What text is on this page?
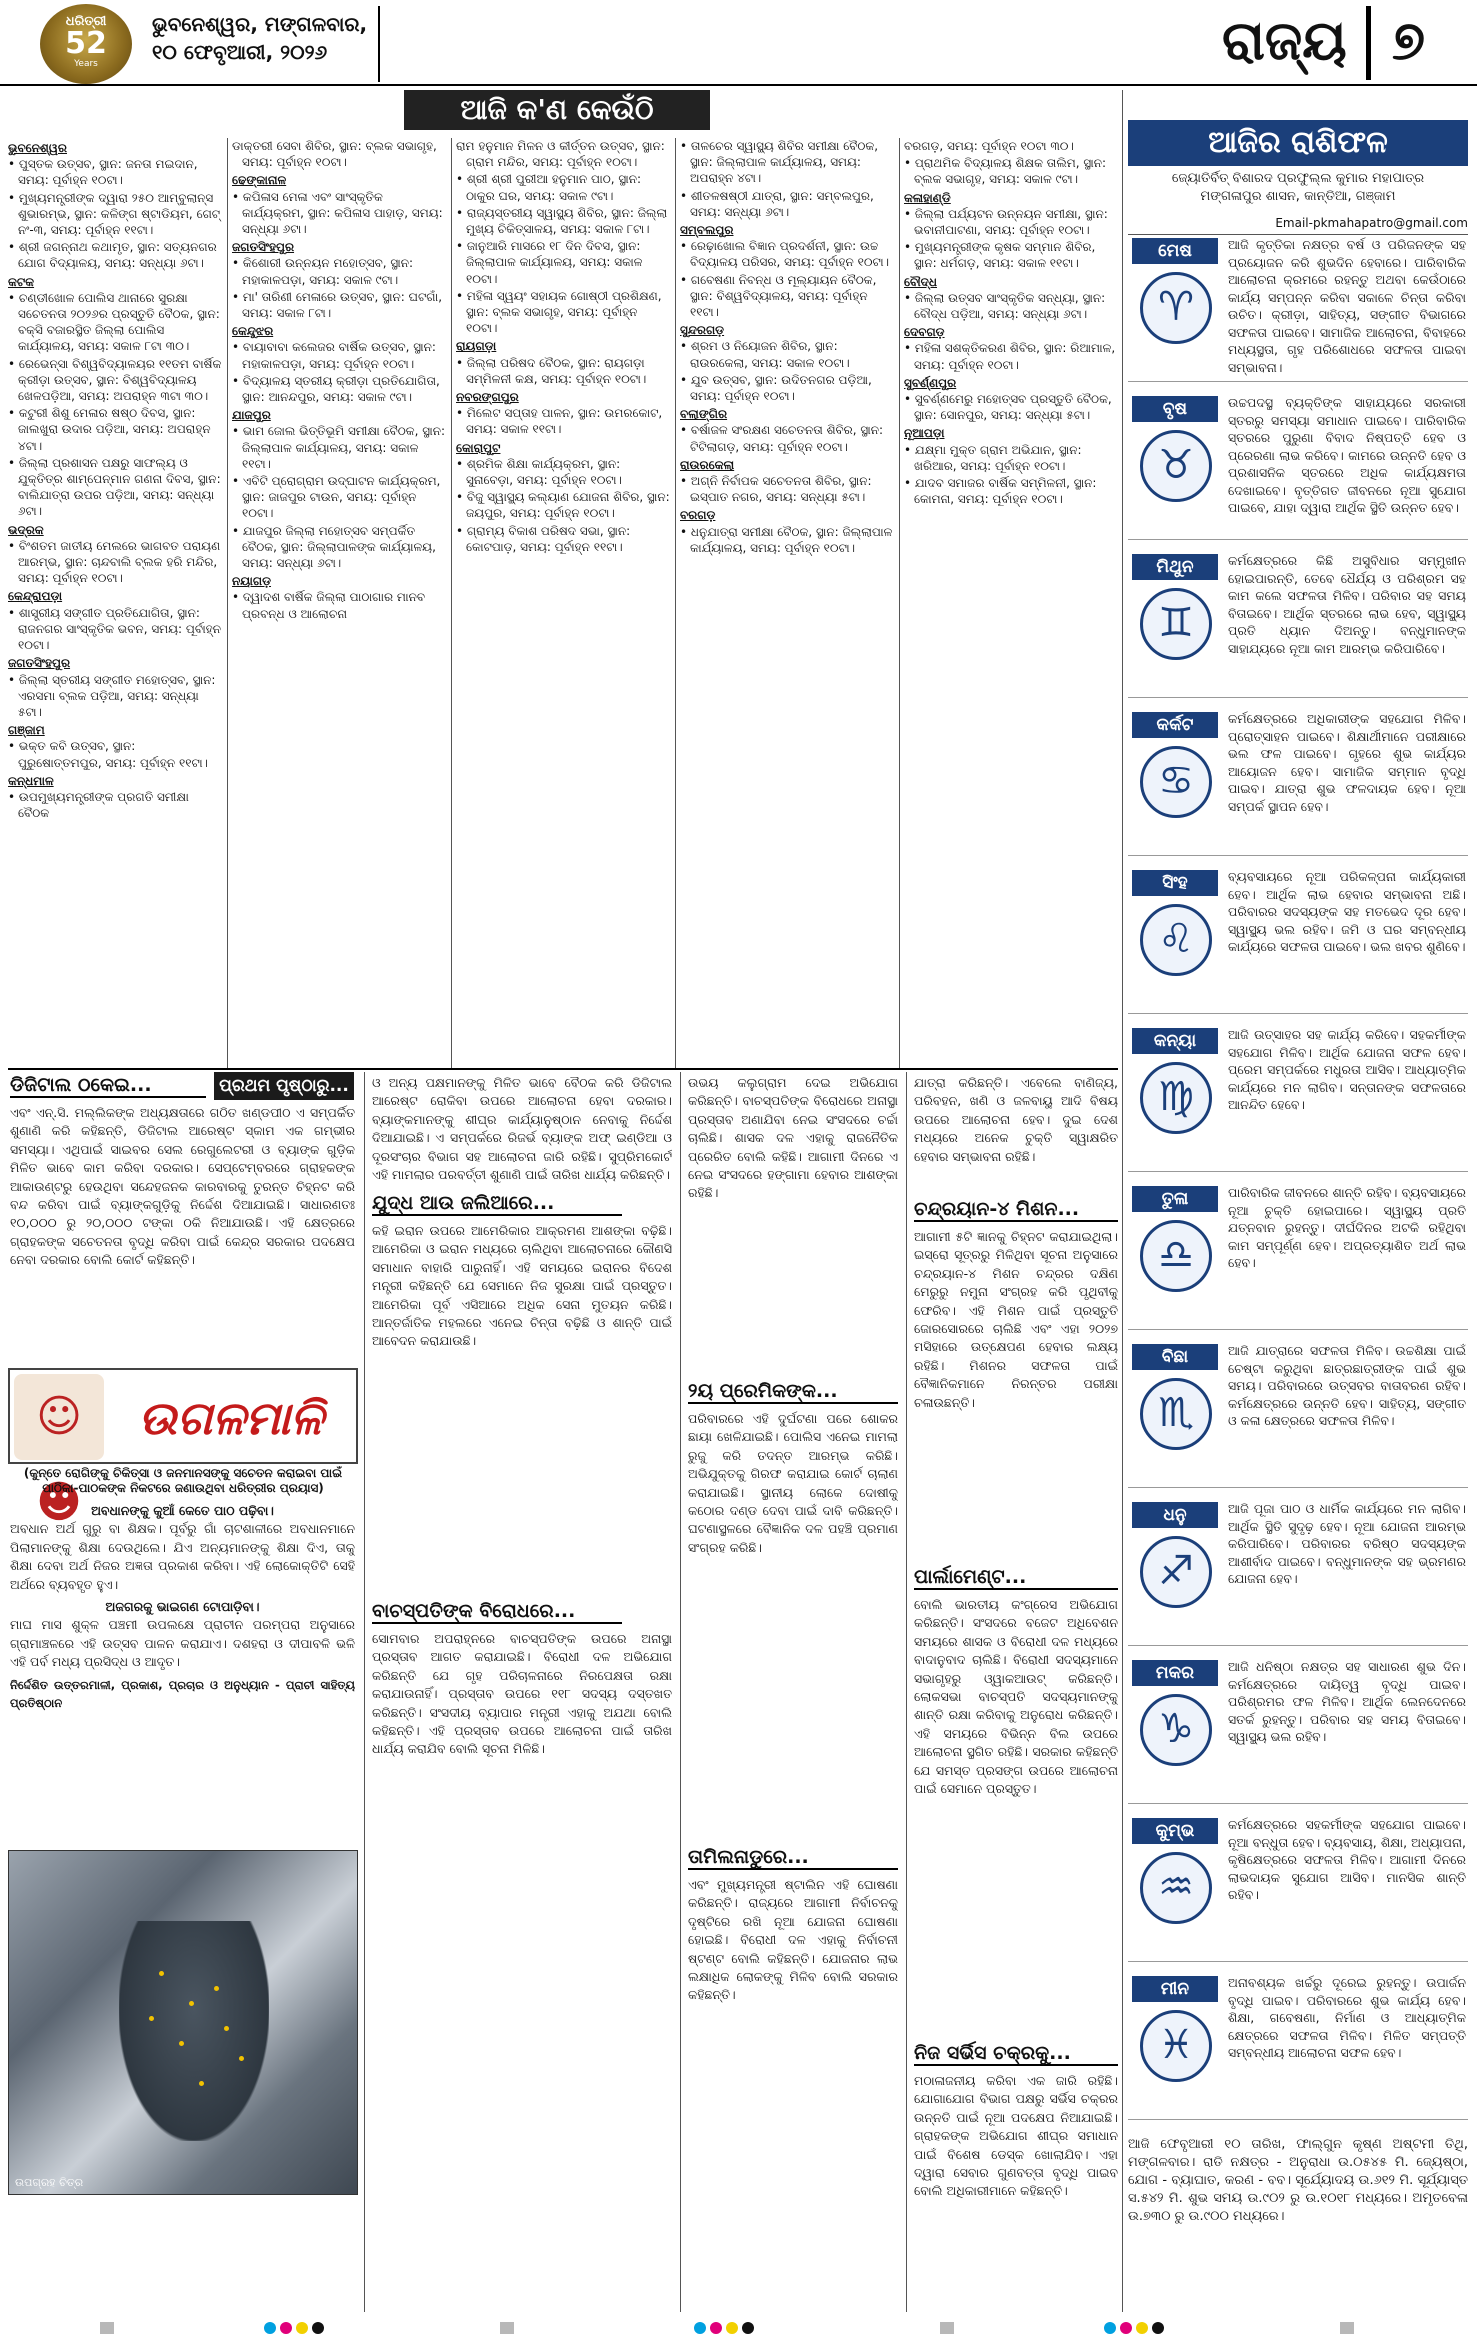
ଧରିତ୍ରୀ
52
Years
ଭୁବନେଶ୍ୱର, ମଙ୍ଗଳବାର,
୧୦ ଫେବୃଆରୀ, ୨୦୨୬	ରାଜ୍ୟ ୭
ଆଜି କ'ଣ କେଉଁଠି
ଭୁବନେଶ୍ୱର
• ପୁସ୍ତକ ଉତ୍ସବ, ସ୍ଥାନ: ଜନତା ମଇଦାନ, ସମୟ: ପୂର୍ବାହ୍ନ ୧୦ଟା।
• ମୁଖ୍ୟମନ୍ତ୍ରୀଙ୍କ ଦ୍ୱାରା ୨୫୦ ଆମ୍ବୁଲାନ୍ସ ଶୁଭାରମ୍ଭ, ସ୍ଥାନ: କଳିଙ୍ଗ ଷ୍ଟାଡିୟମ, ଗେଟ୍ ନଂ-୩, ସମୟ: ପୂର୍ବାହ୍ନ ୧୧ଟା।
• ଶ୍ରୀ ଜଗନ୍ନାଥ କଥାମୃତ, ସ୍ଥାନ: ସତ୍ୟନଗର ଯୋଗ ବିଦ୍ୟାଳୟ, ସମୟ: ସନ୍ଧ୍ୟା ୬ଟା।
କଟକ
• ଚଣ୍ଡୀଖୋଳ ପୋଲିସ ଥାନାରେ ସୁରକ୍ଷା ସଚେତନତା ୨୦୨୬ର ପ୍ରସ୍ତୁତି ବୈଠକ, ସ୍ଥାନ: ବକ୍ସି ବଜାରସ୍ଥିତ ଜିଲ୍ଲା ପୋଲିସ କାର୍ଯ୍ୟାଳୟ, ସମୟ: ସକାଳ ୮ଟା ୩୦।
• ରେଭେନ୍ସା ବିଶ୍ୱବିଦ୍ୟାଳୟର ୧୧ତମ ବାର୍ଷିକ କ୍ରୀଡ଼ା ଉତ୍ସବ, ସ୍ଥାନ: ବିଶ୍ୱବିଦ୍ୟାଳୟ ଖେଳପଡ଼ିଆ, ସମୟ: ଅପରାହ୍ନ ୩ଟା ୩୦।
• କଟୁରୀ ଶିଶୁ ମେଳାର ଷଷ୍ଠ ଦିବସ, ସ୍ଥାନ: ଜାଲଖୁରା ଉଦାର ପଡ଼ିଆ, ସମୟ: ଅପରାହ୍ନ ୪ଟା।
• ଜିଲ୍ଲା ପ୍ରଶାସନ ପକ୍ଷରୁ ସାଫଲ୍ୟ ଓ ଯୁକ୍ତିତ୍ର ଶାମ୍ପେନ୍‌ମାନ ଗଣନା ଦିବସ, ସ୍ଥାନ: ବାଲିଯାତ୍ରା ଉପର ପଡ଼ିଆ, ସମୟ: ସନ୍ଧ୍ୟା ୬ଟା।
ଭଦ୍ରକ
• ବିଂଶତମ ଜାତୀୟ ମେଲରେ ଭାଗବତ ପରାୟଣ ଆରମ୍ଭ, ସ୍ଥାନ: ଚାନ୍ଦବାଲି ବ୍ଲକ ହରି ମନ୍ଦିର, ସମୟ: ପୂର୍ବାହ୍ନ ୧୦ଟା।
କେନ୍ଦ୍ରାପଡ଼ା
• ଶାସ୍ତ୍ରୀୟ ସଙ୍ଗୀତ ପ୍ରତିଯୋଗିତା, ସ୍ଥାନ: ରାଜନଗର ସାଂସ୍କୃତିକ ଭବନ, ସମୟ: ପୂର୍ବାହ୍ନ ୧୦ଟା।
ଜଗତସିଂହପୁର
• ଜିଲ୍ଲା ସ୍ତରୀୟ ସଙ୍ଗୀତ ମହୋତ୍ସବ, ସ୍ଥାନ: ଏରସମା ବ୍ଲକ ପଡ଼ିଆ, ସମୟ: ସନ୍ଧ୍ୟା ୫ଟା।
ଗଞ୍ଜାମ
• ଭକ୍ତ କବି ଉତ୍ସବ, ସ୍ଥାନ: ପୁରୁଷୋତ୍ତମପୁର, ସମୟ: ପୂର୍ବାହ୍ନ ୧୧ଟା।
କନ୍ଧମାଳ
• ଉପମୁଖ୍ୟମନ୍ତ୍ରୀଙ୍କ ପ୍ରଗତି ସମୀକ୍ଷା ବୈଠକ
ଡାକ୍ତରୀ ସେବା ଶିବିର, ସ୍ଥାନ: ବ୍ଲକ ସଭାଗୃହ, ସମୟ: ପୂର୍ବାହ୍ନ ୧୦ଟା।
ଢେଙ୍କାନାଳ
• କପିଳାସ ମେଳା ଏବଂ ସାଂସ୍କୃତିକ କାର୍ଯ୍ୟକ୍ରମ, ସ୍ଥାନ: କପିଳାସ ପାହାଡ଼, ସମୟ: ସନ୍ଧ୍ୟା ୬ଟା।
ଜଗତସିଂହପୁର
• କିଶୋରୀ ଉନ୍ନୟନ ମହୋତ୍ସବ, ସ୍ଥାନ: ମହାକାଳପଡ଼ା, ସମୟ: ସକାଳ ୯ଟା।
• ମା' ତାରିଣୀ ମେଳାରେ ଉତ୍ସବ, ସ୍ଥାନ: ଘଟଗାଁ, ସମୟ: ସକାଳ ୮ଟା।
କେନ୍ଦୁଝର
• ବାୟାବାବା କଲେଜର ବାର୍ଷିକ ଉତ୍ସବ, ସ୍ଥାନ: ମହାକାଳପଡ଼ା, ସମୟ: ପୂର୍ବାହ୍ନ ୧୦ଟା।
• ବିଦ୍ୟାଳୟ ସ୍ତରୀୟ କ୍ରୀଡ଼ା ପ୍ରତିଯୋଗିତା, ସ୍ଥାନ: ଆନନ୍ଦପୁର, ସମୟ: ସକାଳ ୯ଟା।
ଯାଜପୁର
• ଭାମ ଜୋଲ ଭିତ୍ତିଭୂମି ସମୀକ୍ଷା ବୈଠକ, ସ୍ଥାନ: ଜିଲ୍ଲାପାଳ କାର୍ଯ୍ୟାଳୟ, ସମୟ: ସକାଳ ୧୧ଟା।
• ଏବିଟି ପ୍ରୋଗ୍ରାମ ଉଦ୍‌ଘାଟନ କାର୍ଯ୍ୟକ୍ରମ, ସ୍ଥାନ: ଜାଜପୁର ଟାଉନ, ସମୟ: ପୂର୍ବାହ୍ନ ୧୦ଟା।
• ଯାଜପୁର ଜିଲ୍ଲା ମହୋତ୍ସବ ସମ୍ପର୍କିତ ବୈଠକ, ସ୍ଥାନ: ଜିଲ୍ଲାପାଳଙ୍କ କାର୍ଯ୍ୟାଳୟ, ସମୟ: ସନ୍ଧ୍ୟା ୬ଟା।
ନୟାଗଡ଼
• ଦ୍ୱାଦଶ ବାର୍ଷିକ ଜିଲ୍ଲା ପାଠାଗାର ମାନବ ପ୍ରବନ୍ଧ ଓ ଆଲୋଚନା
ରାମ ହନୁମାନ ମିଳନ ଓ କୀର୍ତ୍ତନ ଉତ୍ସବ, ସ୍ଥାନ: ଗ୍ରାମ ମନ୍ଦିର, ସମୟ: ପୂର୍ବାହ୍ନ ୧୦ଟା।
• ଶ୍ରୀ ଶ୍ରୀ ପୁରୀଆ ହନୁମାନ ପାଠ, ସ୍ଥାନ: ଠାକୁର ଘର, ସମୟ: ସକାଳ ୯ଟା।
• ରାଜ୍ୟସ୍ତରୀୟ ସ୍ୱାସ୍ଥ୍ୟ ଶିବିର, ସ୍ଥାନ: ଜିଲ୍ଲା ମୁଖ୍ୟ ଚିକିତ୍ସାଳୟ, ସମୟ: ସକାଳ ୮ଟା।
• ଜାନୁଆରି ମାସରେ ୧୮ ଦିନ ଦିବସ, ସ୍ଥାନ: ଜିଲ୍ଲାପାଳ କାର୍ଯ୍ୟାଳୟ, ସମୟ: ସକାଳ ୧୦ଟା।
• ମହିଳା ସ୍ୱୟଂ ସହାୟକ ଗୋଷ୍ଠୀ ପ୍ରଶିକ୍ଷଣ, ସ୍ଥାନ: ବ୍ଲକ ସଭାଗୃହ, ସମୟ: ପୂର୍ବାହ୍ନ ୧୦ଟା।
ରାୟଗଡ଼ା
• ଜିଲ୍ଲା ପରିଷଦ ବୈଠକ, ସ୍ଥାନ: ରାୟଗଡ଼ା ସମ୍ମିଳନୀ କକ୍ଷ, ସମୟ: ପୂର୍ବାହ୍ନ ୧୦ଟା।
ନବରଙ୍ଗପୁର
• ମିଲେଟ ସପ୍ତାହ ପାଳନ, ସ୍ଥାନ: ଉମରକୋଟ, ସମୟ: ସକାଳ ୧୧ଟା।
କୋରାପୁଟ
• ଶ୍ରମିକ ଶିକ୍ଷା କାର୍ଯ୍ୟକ୍ରମ, ସ୍ଥାନ: ସୁନାବେଡ଼ା, ସମୟ: ପୂର୍ବାହ୍ନ ୧୦ଟା।
• ବିଜୁ ସ୍ୱାସ୍ଥ୍ୟ କଲ୍ୟାଣ ଯୋଜନା ଶିବିର, ସ୍ଥାନ: ଜୟପୁର, ସମୟ: ପୂର୍ବାହ୍ନ ୧୦ଟା।
• ଗ୍ରାମ୍ୟ ବିକାଶ ପରିଷଦ ସଭା, ସ୍ଥାନ: କୋଟପାଡ଼, ସମୟ: ପୂର୍ବାହ୍ନ ୧୧ଟା।
• ତାଳଚେର ସ୍ୱାସ୍ଥ୍ୟ ଶିବିର ସମୀକ୍ଷା ବୈଠକ, ସ୍ଥାନ: ଜିଲ୍ଲାପାଳ କାର୍ଯ୍ୟାଳୟ, ସମୟ: ଅପରାହ୍ନ ୪ଟା।
• ଶୀତଳଷଷ୍ଠୀ ଯାତ୍ରା, ସ୍ଥାନ: ସମ୍ବଲପୁର, ସମୟ: ସନ୍ଧ୍ୟା ୬ଟା।
ସମ୍ବଲପୁର
• ରେଢ଼ାଖୋଲ ବିଜ୍ଞାନ ପ୍ରଦର୍ଶନୀ, ସ୍ଥାନ: ଉଚ୍ଚ ବିଦ୍ୟାଳୟ ପରିସର, ସମୟ: ପୂର୍ବାହ୍ନ ୧୦ଟା।
• ଗବେଷଣା ନିବନ୍ଧ ଓ ମୂଲ୍ୟାୟନ ବୈଠକ, ସ୍ଥାନ: ବିଶ୍ୱବିଦ୍ୟାଳୟ, ସମୟ: ପୂର୍ବାହ୍ନ ୧୧ଟା।
ସୁନ୍ଦରଗଡ଼
• ଶ୍ରମ ଓ ନିୟୋଜନ ଶିବିର, ସ୍ଥାନ: ରାଉରକେଲା, ସମୟ: ସକାଳ ୧୦ଟା।
• ଯୁବ ଉତ୍ସବ, ସ୍ଥାନ: ଉଦିତନଗର ପଡ଼ିଆ, ସମୟ: ପୂର୍ବାହ୍ନ ୧୦ଟା।
ବଲାଙ୍ଗିର
• ବର୍ଷାଜଳ ସଂରକ୍ଷଣ ସଚେତନତା ଶିବିର, ସ୍ଥାନ: ଟିଟିଲାଗଡ଼, ସମୟ: ପୂର୍ବାହ୍ନ ୧୦ଟା।
ରାଉରକେଲା
• ଅଗ୍ନି ନିର୍ବାପକ ସଚେତନତା ଶିବିର, ସ୍ଥାନ: ଇସ୍ପାତ ନଗର, ସମୟ: ସନ୍ଧ୍ୟା ୫ଟା।
ବରଗଡ଼
• ଧନୁଯାତ୍ରା ସମୀକ୍ଷା ବୈଠକ, ସ୍ଥାନ: ଜିଲ୍ଲାପାଳ କାର୍ଯ୍ୟାଳୟ, ସମୟ: ପୂର୍ବାହ୍ନ ୧୦ଟା।
ବରଗଡ଼, ସମୟ: ପୂର୍ବାହ୍ନ ୧୦ଟା ୩୦।
• ପ୍ରାଥମିକ ବିଦ୍ୟାଳୟ ଶିକ୍ଷକ ତାଲିମ, ସ୍ଥାନ: ବ୍ଲକ ସଭାଗୃହ, ସମୟ: ସକାଳ ୯ଟା।
କଳାହାଣ୍ଡି
• ଜିଲ୍ଲା ପର୍ଯ୍ୟଟନ ଉନ୍ନୟନ ସମୀକ୍ଷା, ସ୍ଥାନ: ଭବାନୀପାଟଣା, ସମୟ: ପୂର୍ବାହ୍ନ ୧୦ଟା।
• ମୁଖ୍ୟମନ୍ତ୍ରୀଙ୍କ କୃଷକ ସମ୍ମାନ ଶିବିର, ସ୍ଥାନ: ଧର୍ମଗଡ଼, ସମୟ: ସକାଳ ୧୧ଟା।
ବୌଦ୍ଧ
• ଜିଲ୍ଲା ଉତ୍ସବ ସାଂସ୍କୃତିକ ସନ୍ଧ୍ୟା, ସ୍ଥାନ: ବୌଦ୍ଧ ପଡ଼ିଆ, ସମୟ: ସନ୍ଧ୍ୟା ୬ଟା।
ଦେବଗଡ଼
• ମହିଳା ସଶକ୍ତିକରଣ ଶିବିର, ସ୍ଥାନ: ରିଆମାଳ, ସମୟ: ପୂର୍ବାହ୍ନ ୧୦ଟା।
ସୁବର୍ଣ୍ଣପୁର
• ସୁବର୍ଣ୍ଣମେରୁ ମହୋତ୍ସବ ପ୍ରସ୍ତୁତି ବୈଠକ, ସ୍ଥାନ: ସୋନପୁର, ସମୟ: ସନ୍ଧ୍ୟା ୫ଟା।
ନୂଆପଡ଼ା
• ଯକ୍ଷ୍ମା ମୁକ୍ତ ଗ୍ରାମ ଅଭିଯାନ, ସ୍ଥାନ: ଖରିଆର, ସମୟ: ପୂର୍ବାହ୍ନ ୧୦ଟା।
• ଯାଦବ ସମାଜର ବାର୍ଷିକ ସମ୍ମିଳନୀ, ସ୍ଥାନ: କୋମନା, ସମୟ: ପୂର୍ବାହ୍ନ ୧୦ଟା।
ଆଜିର ରାଶିଫଳ
ଜ୍ୟୋତିର୍ବିତ୍ ବିଶାରଦ ପ୍ରଫୁଲ୍ଲ କୁମାର ମହାପାତ୍ର
ମଙ୍ଗଳାପୁର ଶାସନ, କାନ୍ତିଆ, ଗଞ୍ଜାମ
Email-pkmahapatro@gmail.com
ମେଷ
♈
ଆଜି କୃତ୍ତିକା ନକ୍ଷତ୍ର ବର୍ଷ ଓ ପରିଜନଙ୍କ ସହ ପ୍ରୟୋଜନ କରି ଶୁଭଦିନ ହେବାରେ। ପାରିବାରିକ ଆଲୋଚନା କ୍ରମରେ ରହନ୍ତୁ ଅଥବା କେଉଁଠାରେ କାର୍ଯ୍ୟ ସମ୍ପନ୍ନ କରିବା ସକାଳେ ଚିନ୍ତା କରିବା ଉଚିତ। କ୍ରୀଡ଼ା, ସାହିତ୍ୟ, ସଙ୍ଗୀତ ବିଭାଗରେ ସଫଳତା ପାଇବେ। ସାମାଜିକ ଆଲୋଚନା, ବିବାହରେ ମଧ୍ୟସ୍ଥତା, ଗୃହ ପରିଶୋଧରେ ସଫଳତା ପାଇବା ସମ୍ଭାବନା।
ବୃଷ
♉
ଉଚ୍ଚପଦସ୍ଥ ବ୍ୟକ୍ତିଙ୍କ ସାହାଯ୍ୟରେ ସରକାରୀ ସ୍ତରରୁ ସମସ୍ୟା ସମାଧାନ ପାଇବେ। ପାରିବାରିକ ସ୍ତରରେ ପୁରୁଣା ବିବାଦ ନିଷ୍ପତ୍ତି ହେବ ଓ ପ୍ରେରଣା ଲାଭ କରିବେ। କାମରେ ଉନ୍ନତି ହେବ ଓ ପ୍ରଶାସନିକ ସ୍ତରରେ ଅଧିକ କାର୍ଯ୍ୟକ୍ଷମତା ଦେଖାଇବେ। ବୃତ୍ତିଗତ ଜୀବନରେ ନୂଆ ସୁଯୋଗ ପାଇବେ, ଯାହା ଦ୍ୱାରା ଆର୍ଥିକ ସ୍ଥିତି ଉନ୍ନତ ହେବ।
ମିଥୁନ
♊
କର୍ମକ୍ଷେତ୍ରରେ କିଛି ଅସୁବିଧାର ସମ୍ମୁଖୀନ ହୋଇପାରନ୍ତି, ତେବେ ଧୈର୍ଯ୍ୟ ଓ ପରିଶ୍ରମ ସହ କାମ କଲେ ସଫଳତା ମିଳିବ। ପରିବାର ସହ ସମୟ ବିତାଇବେ। ଆର୍ଥିକ ସ୍ତରରେ ଲାଭ ହେବ, ସ୍ୱାସ୍ଥ୍ୟ ପ୍ରତି ଧ୍ୟାନ ଦିଅନ୍ତୁ। ବନ୍ଧୁମାନଙ୍କ ସାହାଯ୍ୟରେ ନୂଆ କାମ ଆରମ୍ଭ କରିପାରିବେ।
କର୍କଟ
♋
କର୍ମକ୍ଷେତ୍ରରେ ଅଧିକାରୀଙ୍କ ସହଯୋଗ ମିଳିବ। ପ୍ରୋତ୍ସାହନ ପାଇବେ। ଶିକ୍ଷାର୍ଥୀମାନେ ପରୀକ୍ଷାରେ ଭଲ ଫଳ ପାଇବେ। ଗୃହରେ ଶୁଭ କାର୍ଯ୍ୟର ଆୟୋଜନ ହେବ। ସାମାଜିକ ସମ୍ମାନ ବୃଦ୍ଧି ପାଇବ। ଯାତ୍ରା ଶୁଭ ଫଳଦାୟକ ହେବ। ନୂଆ ସମ୍ପର୍କ ସ୍ଥାପନ ହେବ।
ସିଂହ
♌
ବ୍ୟବସାୟରେ ନୂଆ ପରିକଳ୍ପନା କାର୍ଯ୍ୟକାରୀ ହେବ। ଆର୍ଥିକ ଲାଭ ହେବାର ସମ୍ଭାବନା ଅଛି। ପରିବାରର ସଦସ୍ୟଙ୍କ ସହ ମତଭେଦ ଦୂର ହେବ। ସ୍ୱାସ୍ଥ୍ୟ ଭଲ ରହିବ। ଜମି ଓ ଘର ସମ୍ବନ୍ଧୀୟ କାର୍ଯ୍ୟରେ ସଫଳତା ପାଇବେ। ଭଲ ଖବର ଶୁଣିବେ।
କନ୍ୟା
♍
ଆଜି ଉତ୍ସାହର ସହ କାର୍ଯ୍ୟ କରିବେ। ସହକର୍ମୀଙ୍କ ସହଯୋଗ ମିଳିବ। ଆର୍ଥିକ ଯୋଜନା ସଫଳ ହେବ। ପ୍ରେମ ସମ୍ପର୍କରେ ମଧୁରତା ଆସିବ। ଆଧ୍ୟାତ୍ମିକ କାର୍ଯ୍ୟରେ ମନ ଲାଗିବ। ସନ୍ତାନଙ୍କ ସଫଳତାରେ ଆନନ୍ଦିତ ହେବେ।
ତୁଳା
♎
ପାରିବାରିକ ଜୀବନରେ ଶାନ୍ତି ରହିବ। ବ୍ୟବସାୟରେ ନୂଆ ଚୁକ୍ତି ହୋଇପାରେ। ସ୍ୱାସ୍ଥ୍ୟ ପ୍ରତି ଯତ୍ନବାନ ରୁହନ୍ତୁ। ଦୀର୍ଘଦିନର ଅଟକି ରହିଥିବା କାମ ସମ୍ପୂର୍ଣ୍ଣ ହେବ। ଅପ୍ରତ୍ୟାଶିତ ଅର୍ଥ ଲାଭ ହେବ।
ବିଛା
♏
ଆଜି ଯାତ୍ରାରେ ସଫଳତା ମିଳିବ। ଉଚ୍ଚଶିକ୍ଷା ପାଇଁ ଚେଷ୍ଟା କରୁଥିବା ଛାତ୍ରଛାତ୍ରୀଙ୍କ ପାଇଁ ଶୁଭ ସମୟ। ପରିବାରରେ ଉତ୍ସବର ବାତାବରଣ ରହିବ। କର୍ମକ୍ଷେତ୍ରରେ ଉନ୍ନତି ହେବ। ସାହିତ୍ୟ, ସଙ୍ଗୀତ ଓ କଳା କ୍ଷେତ୍ରରେ ସଫଳତା ମିଳିବ।
ଧନୁ
♐
ଆଜି ପୂଜା ପାଠ ଓ ଧାର୍ମିକ କାର୍ଯ୍ୟରେ ମନ ଲାଗିବ। ଆର୍ଥିକ ସ୍ଥିତି ସୁଦୃଢ଼ ହେବ। ନୂଆ ଯୋଜନା ଆରମ୍ଭ କରିପାରିବେ। ପରିବାରର ବରିଷ୍ଠ ସଦସ୍ୟଙ୍କ ଆଶୀର୍ବାଦ ପାଇବେ। ବନ୍ଧୁମାନଙ୍କ ସହ ଭ୍ରମଣର ଯୋଜନା ହେବ।
ମକର
♑
ଆଜି ଧନିଷ୍ଠା ନକ୍ଷତ୍ର ସହ ସାଧାରଣ ଶୁଭ ଦିନ। କର୍ମକ୍ଷେତ୍ରରେ ଦାୟିତ୍ୱ ବୃଦ୍ଧି ପାଇବ। ପରିଶ୍ରମର ଫଳ ମିଳିବ। ଆର୍ଥିକ ଲେନଦେନରେ ସତର୍କ ରୁହନ୍ତୁ। ପରିବାର ସହ ସମୟ ବିତାଇବେ। ସ୍ୱାସ୍ଥ୍ୟ ଭଲ ରହିବ।
କୁମ୍ଭ
♒
କର୍ମକ୍ଷେତ୍ରରେ ସହକର୍ମୀଙ୍କ ସହଯୋଗ ପାଇବେ। ନୂଆ ବନ୍ଧୁତା ହେବ। ବ୍ୟବସାୟ, ଶିକ୍ଷା, ଅଧ୍ୟାପନା, କୃଷିକ୍ଷେତ୍ରରେ ସଫଳତା ମିଳିବ। ଆଗାମୀ ଦିନରେ ଲାଭଦାୟକ ସୁଯୋଗ ଆସିବ। ମାନସିକ ଶାନ୍ତି ରହିବ।
ମୀନ
♓
ଅନାବଶ୍ୟକ ଖର୍ଚ୍ଚରୁ ଦୂରେଇ ରୁହନ୍ତୁ। ଉପାର୍ଜନ ବୃଦ୍ଧି ପାଇବ। ପରିବାରରେ ଶୁଭ କାର୍ଯ୍ୟ ହେବ। ଶିକ୍ଷା, ଗବେଷଣା, ନିର୍ମାଣ ଓ ଆଧ୍ୟାତ୍ମିକ କ୍ଷେତ୍ରରେ ସଫଳତା ମିଳିବ। ମିଳିତ ସମ୍ପତ୍ତି ସମ୍ବନ୍ଧୀୟ ଆଲୋଚନା ସଫଳ ହେବ।
ଆଜି ଫେବୃଆରୀ ୧୦ ତାରିଖ, ଫାଲ୍‌ଗୁନ କୃଷ୍ଣ ଅଷ୍ଟମୀ ତିଥି, ମଙ୍ଗଳବାର। ରାତି ନକ୍ଷତ୍ର - ଅନୁରାଧା ଉ.୦୫୪୫ ମି. ଜ୍ୟେଷ୍ଠା, ଯୋଗ - ବ୍ୟାଘାତ, କରଣ - ବବ। ସୂର୍ଯ୍ୟୋଦୟ ଉ.୬୧୨ ମି. ସୂର୍ଯ୍ୟାସ୍ତ ସ.୫୪୨ ମି. ଶୁଭ ସମୟ ଉ.୯୦୨ ରୁ ଉ.୧୦୧୮ ମଧ୍ୟରେ। ଅମୃତବେଳା ଉ.୭୩୦ ରୁ ଉ.୯୦୦ ମଧ୍ୟରେ।
ଡିଜିଟାଲ ଠକେଇ...	ପ୍ରଥମ ପୃଷ୍ଠାରୁ...
ଏବଂ ଏନ୍‌.ସି. ମଲ୍ଲିକଙ୍କ ଅଧ୍ୟକ୍ଷତାରେ ଗଠିତ ଖଣ୍ଡପୀଠ ଏ ସମ୍ପର୍କିତ ଶୁଣାଣି କରି କହିଛନ୍ତି, ଡିଜିଟାଲ ଆରେଷ୍ଟ ସ୍କାମ ଏକ ଗମ୍ଭୀର ସମସ୍ୟା। ଏଥିପାଇଁ ସାଇବର ସେଲ ରେଗୁଲେଟରୀ ଓ ବ୍ୟାଙ୍କ ଗୁଡ଼ିକ ମିଳିତ ଭାବେ କାମ କରିବା ଦରକାର। ସେପ୍ଟେମ୍ବରରେ ଗ୍ରାହକଙ୍କ ଆକାଉଣ୍ଟରୁ ହେଉଥିବା ସନ୍ଦେହଜନକ କାରବାରକୁ ତୁରନ୍ତ ଚିହ୍ନଟ କରି ବନ୍ଦ କରିବା ପାଇଁ ବ୍ୟାଙ୍କଗୁଡ଼ିକୁ ନିର୍ଦ୍ଦେଶ ଦିଆଯାଇଛି। ସାଧାରଣତଃ ୧୦,୦୦୦ ରୁ ୨୦,୦୦୦ ଟଙ୍କା ଠକି ନିଆଯାଉଛି। ଏହି କ୍ଷେତ୍ରରେ ଗ୍ରାହକଙ୍କ ସଚେତନତା ବୃଦ୍ଧି କରିବା ପାଇଁ କେନ୍ଦ୍ର ସରକାର ପଦକ୍ଷେପ ନେବା ଦରକାର ବୋଲି କୋର୍ଟ କହିଛନ୍ତି।
☺☻
ଉଗଳମାଳି
(କୁନ୍ତେ ରୋଗିଙ୍କୁ ଚିକିତ୍ସା ଓ ଜନମାନସଙ୍କୁ ସଚେତନ କରାଇବା ପାଇଁ ପାଠିକା-ପାଠକଙ୍କ ନିକଟରେ ଜଣାଉଥିବା ଧରିତ୍ରୀର ପ୍ରୟାସ)
ଅବଧାନଙ୍କୁ କୁଆଁ କେତେ ପାଠ ପଢ଼ିବା।
ଅବଧାନ ଅର୍ଥ ଗୁରୁ ବା ଶିକ୍ଷକ। ପୂର୍ବରୁ ଗାଁ ଚାଟଶାଳୀରେ ଅବଧାନମାନେ ପିଲାମାନଙ୍କୁ ଶିକ୍ଷା ଦେଉଥିଲେ। ଯିଏ ଅନ୍ୟମାନଙ୍କୁ ଶିକ୍ଷା ଦିଏ, ତାକୁ ଶିକ୍ଷା ଦେବା ଅର୍ଥ ନିଜର ଅଜ୍ଞତା ପ୍ରକାଶ କରିବା। ଏହି ଲୋକୋକ୍ତିଟି ସେହି ଅର୍ଥରେ ବ୍ୟବହୃତ ହୁଏ।
ଅଜଗରକୁ ଭାଇଗଣ ଟୋପାଡ଼ିବା।
ମାଘ ମାସ ଶୁକ୍ଳ ପଞ୍ଚମୀ ଉପଲକ୍ଷେ ପ୍ରାଚୀନ ପରମ୍ପରା ଅନୁସାରେ ଗ୍ରାମାଞ୍ଚଳରେ ଏହି ଉତ୍ସବ ପାଳନ କରାଯାଏ। ଦଶହରା ଓ ଦୀପାବଳି ଭଳି ଏହି ପର୍ବ ମଧ୍ୟ ପ୍ରସିଦ୍ଧ ଓ ଆଦୃତ।
ନିର୍ଦ୍ଦେଶିତ ଉତ୍ତରମାଳୀ, ପ୍ରକାଶ, ପ୍ରଚାର ଓ ଅନୁଧ୍ୟାନ - ପ୍ରାଚୀ ସାହିତ୍ୟ ପ୍ରତିଷ୍ଠାନ
ଉପଗ୍ରହ ଚିତ୍ର
ଓ ଅନ୍ୟ ପକ୍ଷମାନଙ୍କୁ ମିଳିତ ଭାବେ ବୈଠକ କରି ଡିଜିଟାଲ ଆରେଷ୍ଟ ରୋକିବା ଉପରେ ଆଲୋଚନା ହେବା ଦରକାର। ବ୍ୟାଙ୍କମାନଙ୍କୁ ଶୀଘ୍ର କାର୍ଯ୍ୟାନୁଷ୍ଠାନ ନେବାକୁ ନିର୍ଦ୍ଦେଶ ଦିଆଯାଇଛି। ଏ ସମ୍ପର୍କରେ ରିଜର୍ଭ ବ୍ୟାଙ୍କ ଅଫ୍ ଇଣ୍ଡିଆ ଓ ଦୂରସଂଚାର ବିଭାଗ ସହ ଆଲୋଚନା ଜାରି ରହିଛି। ସୁପ୍ରିମକୋର୍ଟ ଏହି ମାମଲାର ପରବର୍ତ୍ତୀ ଶୁଣାଣି ପାଇଁ ତାରିଖ ଧାର୍ଯ୍ୟ କରିଛନ୍ତି।
ଯୁଦ୍ଧ ଆଉ ଜଲିଆରେ...
କହି ଇରାନ ଉପରେ ଆମେରିକାର ଆକ୍ରମଣ ଆଶଙ୍କା ବଢ଼ିଛି। ଆମେରିକା ଓ ଇରାନ ମଧ୍ୟରେ ଚାଲିଥିବା ଆଲୋଚନାରେ କୌଣସି ସମାଧାନ ବାହାରି ପାରୁନାହିଁ। ଏହି ସମୟରେ ଇରାନର ବିଦେଶ ମନ୍ତ୍ରୀ କହିଛନ୍ତି ଯେ ସେମାନେ ନିଜ ସୁରକ୍ଷା ପାଇଁ ପ୍ରସ୍ତୁତ। ଆମେରିକା ପୂର୍ବ ଏସିଆରେ ଅଧିକ ସେନା ମୁତୟନ କରିଛି। ଆନ୍ତର୍ଜାତିକ ମହଲରେ ଏନେଇ ଚିନ୍ତା ବଢ଼ିଛି ଓ ଶାନ୍ତି ପାଇଁ ଆବେଦନ କରାଯାଉଛି।
ବାଚସ୍ପତିଙ୍କ ବିରୋଧରେ...
ସୋମବାର ଅପରାହ୍ନରେ ବାଚସ୍ପତିଙ୍କ ଉପରେ ଅନାସ୍ଥା ପ୍ରସ୍ତାବ ଆଗତ କରାଯାଇଛି। ବିରୋଧୀ ଦଳ ଅଭିଯୋଗ କରିଛନ୍ତି ଯେ ଗୃହ ପରିଚାଳନାରେ ନିରପେକ୍ଷତା ରକ୍ଷା କରାଯାଉନାହିଁ। ପ୍ରସ୍ତାବ ଉପରେ ୧୧୮ ସଦସ୍ୟ ଦସ୍ତଖତ କରିଛନ୍ତି। ସଂସଦୀୟ ବ୍ୟାପାର ମନ୍ତ୍ରୀ ଏହାକୁ ଅଯଥା ବୋଲି କହିଛନ୍ତି। ଏହି ପ୍ରସ୍ତାବ ଉପରେ ଆଲୋଚନା ପାଇଁ ତାରିଖ ଧାର୍ଯ୍ୟ କରାଯିବ ବୋଲି ସୂଚନା ମିଳିଛି।
ଉଭୟ କଲୁଗ୍ରାମ ଦେଇ ଅଭିଯୋଗ କରିଛନ୍ତି। ବାଚସ୍ପତିଙ୍କ ବିରୋଧରେ ଅନାସ୍ଥା ପ୍ରସ୍ତାବ ଅଣାଯିବା ନେଇ ସଂସଦରେ ଚର୍ଚ୍ଚା ଚାଲିଛି। ଶାସକ ଦଳ ଏହାକୁ ରାଜନୈତିକ ପ୍ରେରିତ ବୋଲି କହିଛି। ଆଗାମୀ ଦିନରେ ଏ ନେଇ ସଂସଦରେ ହଙ୍ଗାମା ହେବାର ଆଶଙ୍କା ରହିଛି।
୨ୟ ପ୍ରେମିକଙ୍କ...
ପରିବାରରେ ଏହି ଦୁର୍ଘଟଣା ପରେ ଶୋକର ଛାୟା ଖେଳିଯାଇଛି। ପୋଲିସ ଏନେଇ ମାମଲା ରୁଜୁ କରି ତଦନ୍ତ ଆରମ୍ଭ କରିଛି। ଅଭିଯୁକ୍ତକୁ ଗିରଫ କରାଯାଇ କୋର୍ଟ ଚାଲାଣ କରାଯାଇଛି। ସ୍ଥାନୀୟ ଲୋକେ ଦୋଷୀକୁ କଠୋର ଦଣ୍ଡ ଦେବା ପାଇଁ ଦାବି କରିଛନ୍ତି। ଘଟଣାସ୍ଥଳରେ ବୈଜ୍ଞାନିକ ଦଳ ପହଞ୍ଚି ପ୍ରମାଣ ସଂଗ୍ରହ କରିଛି।
ତାମିଲନାଡୁରେ...
ଏବଂ ମୁଖ୍ୟମନ୍ତ୍ରୀ ଷ୍ଟାଲିନ ଏହି ଘୋଷଣା କରିଛନ୍ତି। ରାଜ୍ୟରେ ଆଗାମୀ ନିର୍ବାଚନକୁ ଦୃଷ୍ଟିରେ ରଖି ନୂଆ ଯୋଜନା ଘୋଷଣା ହୋଇଛି। ବିରୋଧୀ ଦଳ ଏହାକୁ ନିର୍ବାଚନୀ ଷ୍ଟଣ୍ଟ ବୋଲି କହିଛନ୍ତି। ଯୋଜନାର ଲାଭ ଲକ୍ଷାଧିକ ଲୋକଙ୍କୁ ମିଳିବ ବୋଲି ସରକାର କହିଛନ୍ତି।
ଯାତ୍ରା କରିଛନ୍ତି। ଏବେଲେ ବାଣିଜ୍ୟ, ପରିବହନ, ଖଣି ଓ ଜଳବାୟୁ ଆଦି ବିଷୟ ଉପରେ ଆଲୋଚନା ହେବ। ଦୁଇ ଦେଶ ମଧ୍ୟରେ ଅନେକ ଚୁକ୍ତି ସ୍ୱାକ୍ଷରିତ ହେବାର ସମ୍ଭାବନା ରହିଛି।
ଚନ୍ଦ୍ରୟାନ-୪ ମିଶନ...
ଆଗାମୀ ୫ଟି ଜ୍ଞାନକୁ ଚିହ୍ନଟ କରାଯାଇଥିଲା। ଇସ୍ରୋ ସୂତ୍ରରୁ ମିଳିଥିବା ସୂଚନା ଅନୁସାରେ ଚନ୍ଦ୍ରୟାନ-୪ ମିଶନ ଚନ୍ଦ୍ରର ଦକ୍ଷିଣ ମେରୁରୁ ନମୁନା ସଂଗ୍ରହ କରି ପୃଥିବୀକୁ ଫେରିବ। ଏହି ମିଶନ ପାଇଁ ପ୍ରସ୍ତୁତି ଜୋରସୋରରେ ଚାଲିଛି ଏବଂ ଏହା ୨୦୨୭ ମସିହାରେ ଉତ୍କ୍ଷେପଣ ହେବାର ଲକ୍ଷ୍ୟ ରହିଛି। ମିଶନର ସଫଳତା ପାଇଁ ବୈଜ୍ଞାନିକମାନେ ନିରନ୍ତର ପରୀକ୍ଷା ଚଳାଉଛନ୍ତି।
ପାର୍ଲାମେଣ୍ଟ...
ବୋଲି ଭାରତୀୟ କଂଗ୍ରେସ ଅଭିଯୋଗ କରିଛନ୍ତି। ସଂସଦରେ ବଜେଟ ଅଧିବେଶନ ସମୟରେ ଶାସକ ଓ ବିରୋଧୀ ଦଳ ମଧ୍ୟରେ ବାଦାନୁବାଦ ଚାଲିଛି। ବିରୋଧୀ ସଦସ୍ୟମାନେ ସଭାଗୃହରୁ ଓ୍ୱାକଆଉଟ୍ କରିଛନ୍ତି। ଲୋକସଭା ବାଚସ୍ପତି ସଦସ୍ୟମାନଙ୍କୁ ଶାନ୍ତି ରକ୍ଷା କରିବାକୁ ଅନୁରୋଧ କରିଛନ୍ତି। ଏହି ସମୟରେ ବିଭିନ୍ନ ବିଲ ଉପରେ ଆଲୋଚନା ସ୍ଥଗିତ ରହିଛି। ସରକାର କହିଛନ୍ତି ଯେ ସମସ୍ତ ପ୍ରସଙ୍ଗ ଉପରେ ଆଲୋଚନା ପାଇଁ ସେମାନେ ପ୍ରସ୍ତୁତ।
ନିଜ ସର୍ଭିସ ଚକ୍ରକୁ...
ମଠାଳାଜନୀୟ କରିବା ଏକ ଜାରି ରହିଛି। ଯୋଗାଯୋଗ ବିଭାଗ ପକ୍ଷରୁ ସର୍ଭିସ ଚକ୍ରର ଉନ୍ନତି ପାଇଁ ନୂଆ ପଦକ୍ଷେପ ନିଆଯାଇଛି। ଗ୍ରାହକଙ୍କ ଅଭିଯୋଗ ଶୀଘ୍ର ସମାଧାନ ପାଇଁ ବିଶେଷ ଡେସ୍କ ଖୋଲାଯିବ। ଏହା ଦ୍ୱାରା ସେବାର ଗୁଣବତ୍ତା ବୃଦ୍ଧି ପାଇବ ବୋଲି ଅଧିକାରୀମାନେ କହିଛନ୍ତି।
